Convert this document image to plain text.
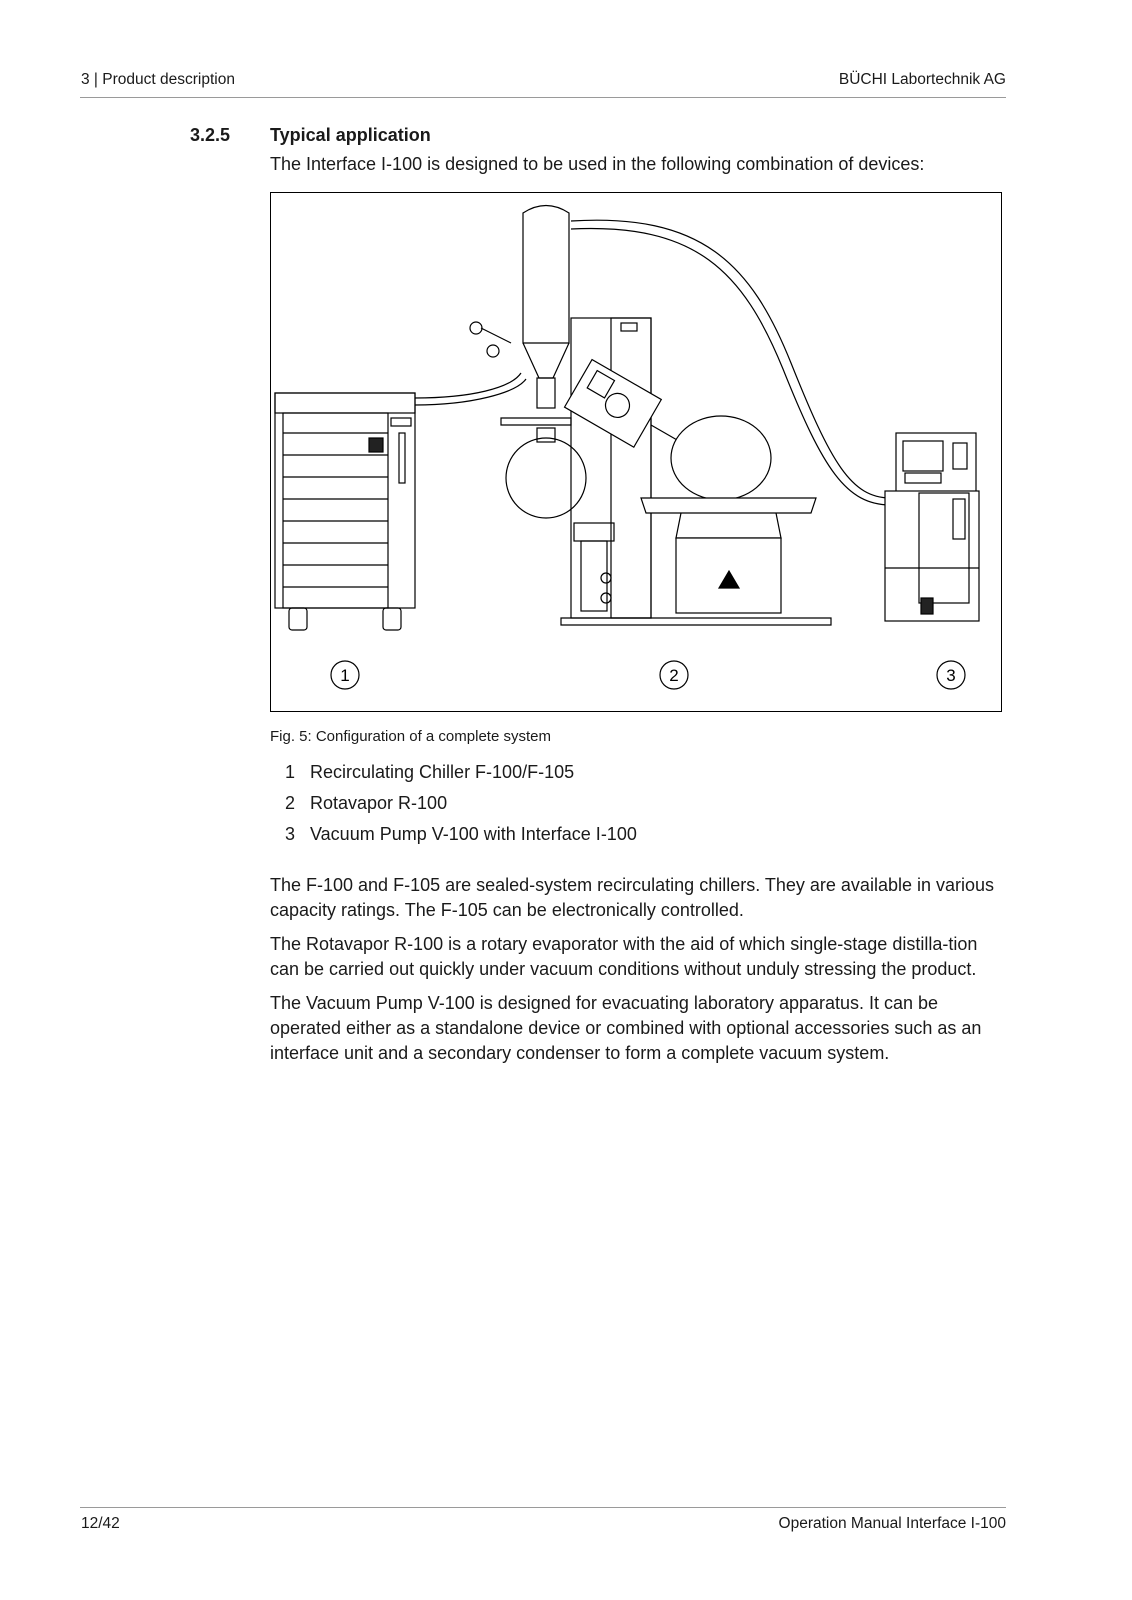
3 | Product description	BÜCHI Labortechnik AG
3.2.5 Typical application
The Interface I-100 is designed to be used in the following combination of devices:
1	2	3
Fig. 5: Configuration of a complete system
1 Recirculating Chiller F-100/F-105
2 Rotavapor R-100
3 Vacuum Pump V-100 with Interface I-100

The F-100 and F-105 are sealed-system recirculating chillers. They are available in various capacity ratings. The F-105 can be electronically controlled.

The Rotavapor R-100 is a rotary evaporator with the aid of which single-stage distilla-tion can be carried out quickly under vacuum conditions without unduly stressing the product.

The Vacuum Pump V-100 is designed for evacuating laboratory apparatus. It can be operated either as a standalone device or combined with optional accessories such as an interface unit and a secondary condenser to form a complete vacuum system.

12/42	Operation Manual Interface I-100
